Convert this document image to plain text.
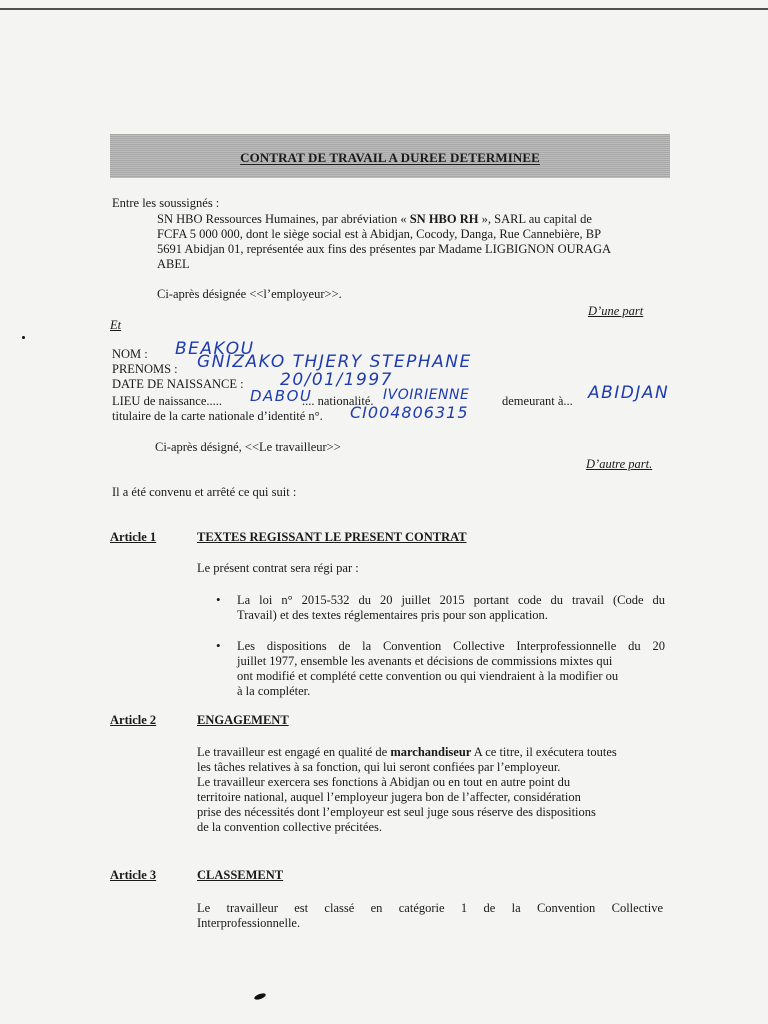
CONTRAT DE TRAVAIL A DUREE DETERMINEE
Entre les soussignés :
SN HBO Ressources Humaines, par abréviation « SN HBO RH », SARL au capital de
FCFA 5 000 000, dont le siège social est à Abidjan, Cocody, Danga, Rue Cannebière, BP
5691 Abidjan 01, représentée aux fins des présentes par Madame LIGBIGNON OURAGA
ABEL
Ci-après désignée <<l’employeur>>.
D’une part
Et
NOM : BEAKOU
PRENOMS : GNIZAKO THJERY STEPHANE
DATE DE NAISSANCE : 20/01/1997
LIEU de naissance..... DABOU
.... nationalité. IVOIRIENNE	demeurant à... ABIDJAN
titulaire de la carte nationale d’identité n°. CI004806315
Ci-après désigné, <<Le travailleur>>
D’autre part.
Il a été convenu et arrêté ce qui suit :
Article 1	TEXTES REGISSANT LE PRESENT CONTRAT
Le présent contrat sera régi par :
• La loi n° 2015-532 du 20 juillet 2015 portant code du travail (Code du
Travail) et des textes réglementaires pris pour son application.
• Les dispositions de la Convention Collective Interprofessionnelle du 20
juillet 1977, ensemble les avenants et décisions de commissions mixtes qui
ont modifié et complété cette convention ou qui viendraient à la modifier ou
à la compléter.
Article 2	ENGAGEMENT
Le travailleur est engagé en qualité de marchandiseur A ce titre, il exécutera toutes
les tâches relatives à sa fonction, qui lui seront confiées par l’employeur.
Le travailleur exercera ses fonctions à Abidjan ou en tout en autre point du
territoire national, auquel l’employeur jugera bon de l’affecter, considération
prise des nécessités dont l’employeur est seul juge sous réserve des dispositions
de la convention collective précitées.
Article 3	CLASSEMENT
Le travailleur est classé en catégorie 1 de la Convention Collective
Interprofessionnelle.
